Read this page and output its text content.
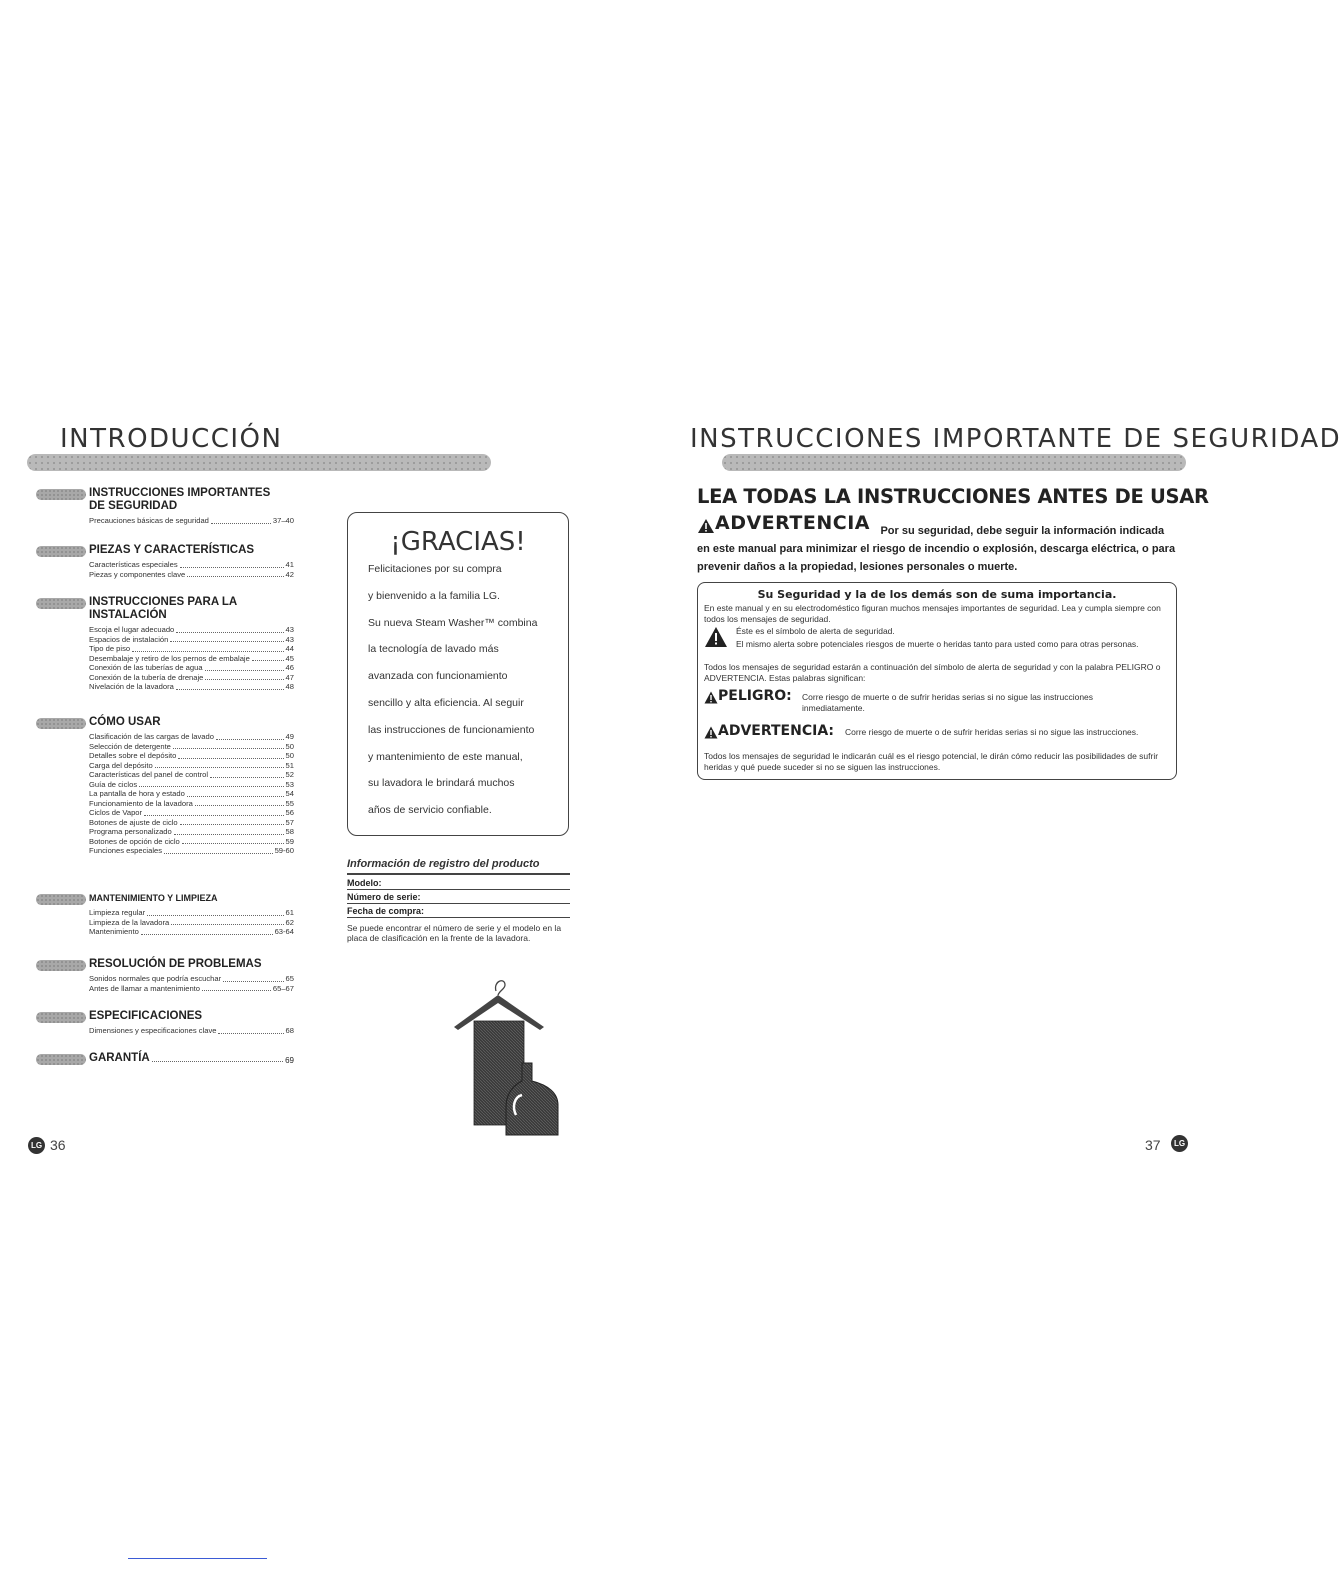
INTRODUCCIÓN
INSTRUCCIONES IMPORTANTES DE SEGURIDAD
Precauciones básicas de seguridad	37–40
PIEZAS Y CARACTERÍSTICAS
Características especiales	41
Piezas y componentes clave	42
INSTRUCCIONES PARA LA INSTALACIÓN
Escoja el lugar adecuado	43
Espacios de instalación	43
Tipo de piso	44
Desembalaje y retiro de los pernos de embalaje	45
Conexión de las tuberías de agua	46
Conexión de la tubería de drenaje	47
Nivelación de la lavadora	48
CÓMO USAR
Clasificación de las cargas de lavado	49
Selección de detergente	50
Detalles sobre el depósito	50
Carga del depósito	51
Características del panel de control	52
Guía de ciclos	53
La pantalla de hora y estado	54
Funcionamiento de la lavadora	55
Ciclos de Vapor	56
Botones de ajuste de ciclo	57
Programa personalizado	58
Botones de opción de ciclo	59
Funciones especiales	59-60
MANTENIMIENTO Y LIMPIEZA
Limpieza regular	61
Limpieza de la lavadora	62
Mantenimiento	63-64
RESOLUCIÓN DE PROBLEMAS
Sonidos normales que podría escuchar	65
Antes de llamar a mantenimiento	65–67
ESPECIFICACIONES
Dimensiones y especificaciones clave	68
GARANTÍA	69
¡GRACIAS!
Felicitaciones por su compra
y bienvenido a la familia LG.
Su nueva Steam Washer™ combina
la tecnología de lavado más
avanzada con funcionamiento
sencillo y alta eficiencia. Al seguir
las instrucciones de funcionamiento
y mantenimiento de este manual,
su lavadora le brindará muchos
años de servicio confiable.
Información de registro del producto
Modelo:
Número de serie:
Fecha de compra:
Se puede encontrar el número de serie y el modelo en la placa de clasificación en la frente de la lavadora.
LG 36
INSTRUCCIONES IMPORTANTE DE SEGURIDAD
LEA TODAS LA INSTRUCCIONES ANTES DE USAR
ADVERTENCIA Por su seguridad, debe seguir la información indicada en este manual para minimizar el riesgo de incendio o explosión, descarga eléctrica, o para prevenir daños a la propiedad, lesiones personales o muerte.
Su Seguridad y la de los demás son de suma importancia.
En este manual y en su electrodoméstico figuran muchos mensajes importantes de seguridad. Lea y cumpla siempre con todos los mensajes de seguridad.
Éste es el símbolo de alerta de seguridad.
El mismo alerta sobre potenciales riesgos de muerte o heridas tanto para usted como para otras personas.
Todos los mensajes de seguridad estarán a continuación del símbolo de alerta de seguridad y con la palabra PELIGRO o ADVERTENCIA. Estas palabras significan:
PELIGRO: Corre riesgo de muerte o de sufrir heridas serias si no sigue las instrucciones inmediatamente.
ADVERTENCIA: Corre riesgo de muerte o de sufrir heridas serias si no sigue las instrucciones.
Todos los mensajes de seguridad le indicarán cuál es el riesgo potencial, le dirán cómo reducir las posibilidades de sufrir heridas y qué puede suceder si no se siguen las instrucciones.
37 LG
